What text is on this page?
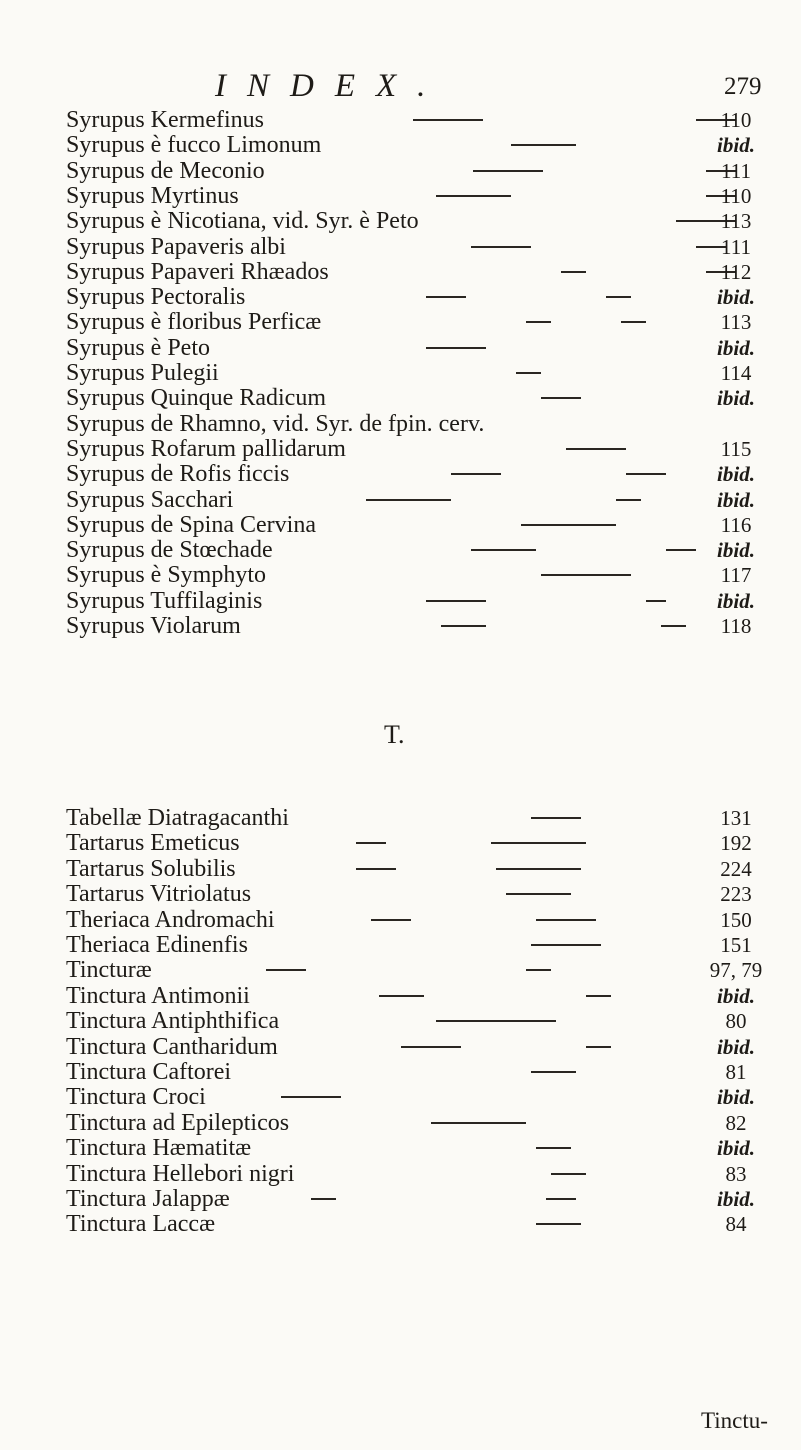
INDEX.	279
Syrupus Kermefinus	110
Syrupus è fucco Limonum	ibid.
Syrupus de Meconio	111
Syrupus Myrtinus	110
Syrupus è Nicotiana, vid. Syr. è Peto	113
Syrupus Papaveris albi	111
Syrupus Papaveri Rhæados	112
Syrupus Pectoralis	ibid.
Syrupus è floribus Perficæ	113
Syrupus è Peto	ibid.
Syrupus Pulegii	114
Syrupus Quinque Radicum	ibid.
Syrupus de Rhamno, vid. Syr. de fpin. cerv.
Syrupus Rofarum pallidarum	115
Syrupus de Rofis ficcis	ibid.
Syrupus Sacchari	ibid.
Syrupus de Spina Cervina	116
Syrupus de Stœchade	ibid.
Syrupus è Symphyto	117
Syrupus Tuffilaginis	ibid.
Syrupus Violarum	118
T.
Tabellæ Diatragacanthi	131
Tartarus Emeticus	192
Tartarus Solubilis	224
Tartarus Vitriolatus	223
Theriaca Andromachi	150
Theriaca Edinenfis	151
Tincturæ	97, 79
Tinctura Antimonii	ibid.
Tinctura Antiphthifica	80
Tinctura Cantharidum	ibid.
Tinctura Caftorei	81
Tinctura Croci	ibid.
Tinctura ad Epilepticos	82
Tinctura Hæmatitæ	ibid.
Tinctura Hellebori nigri	83
Tinctura Jalappæ	ibid.
Tinctura Laccæ	84
Tinctu-
